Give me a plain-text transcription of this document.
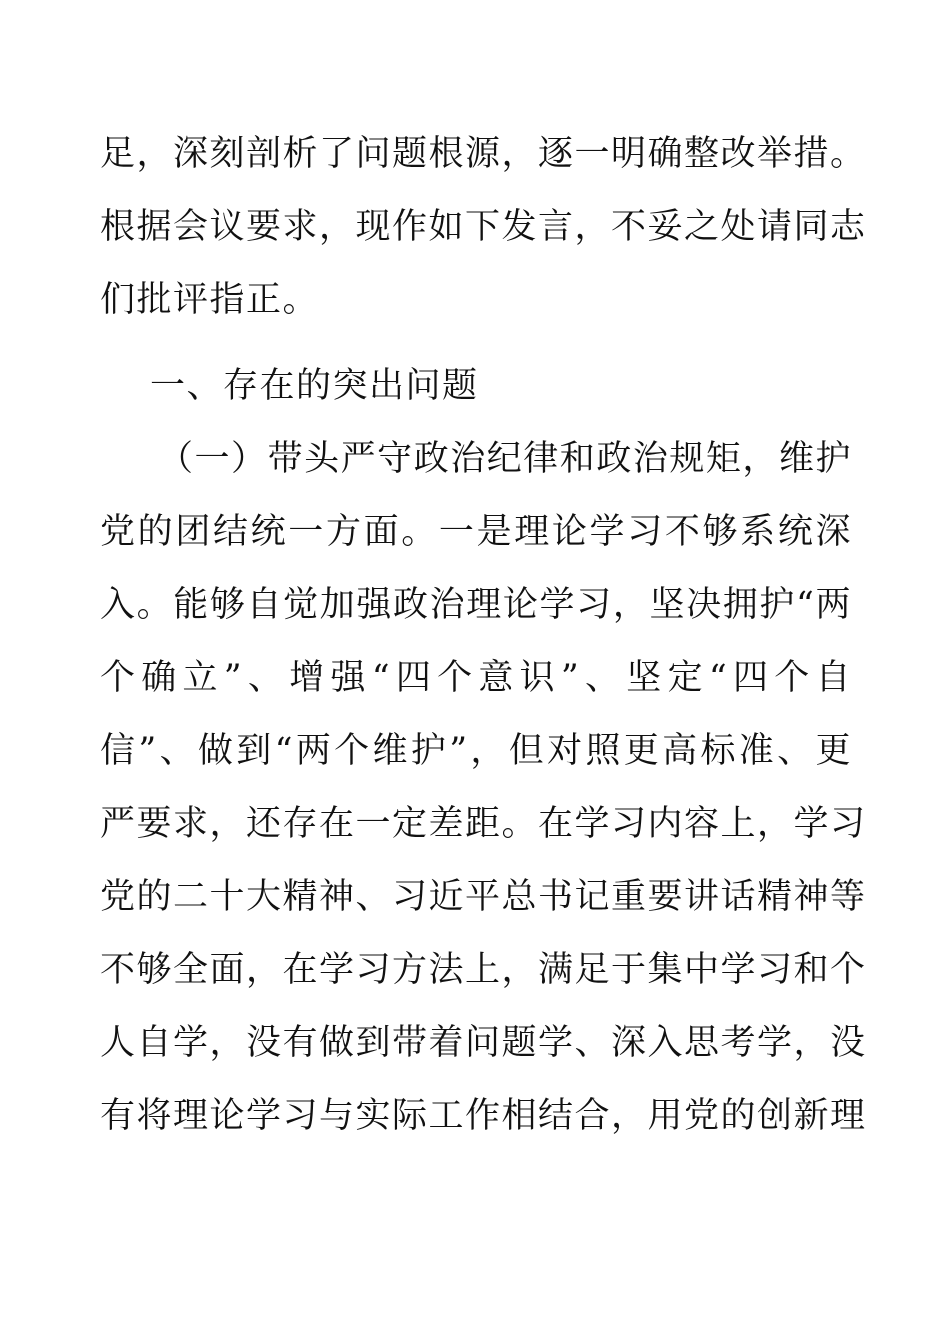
足，深刻剖析了问题根源，逐一明确整改举措。
根据会议要求，现作如下发言，不妥之处请同志
们批评指正。
一、存在的突出问题
（一）带头严守政治纪律和政治规矩，维护
党的团结统一方面。一是理论学习不够系统深
入。能够自觉加强政治理论学习，坚决拥护“两
个确立”、增强“四个意识”、坚定“四个自
信”、做到“两个维护”，但对照更高标准、更
严要求，还存在一定差距。在学习内容上，学习
党的二十大精神、习近平总书记重要讲话精神等
不够全面，在学习方法上，满足于集中学习和个
人自学，没有做到带着问题学、深入思考学，没
有将理论学习与实际工作相结合，用党的创新理
